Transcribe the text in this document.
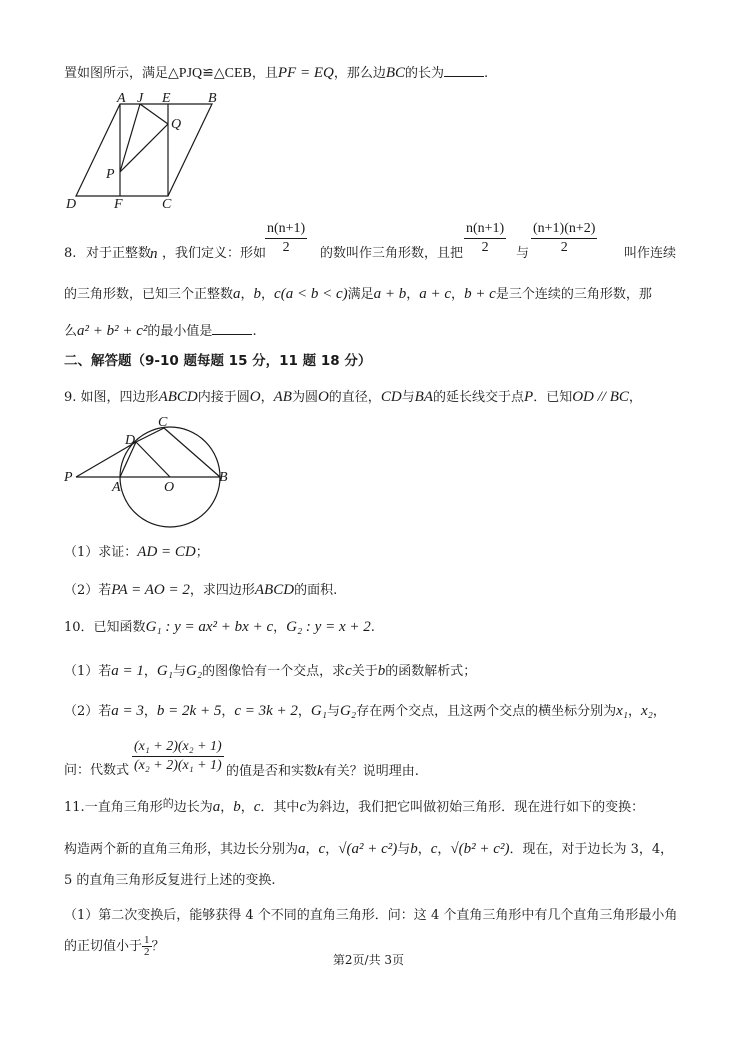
置如图所示，满足△PJQ≌△CEB，且PF = EQ，那么边BC的长为	.
A J E	B
Q
P
D	F	C
$\frac{n(n+1)}{2}$	$\frac{n(n+1)}{2} \frac{(n+1)(n+2)}{2}$
8. 对于正整数
n ，我们定义：形如	的数叫作三角形数，且把	与	叫作连续
的三角形数，已知三个正整数a，b，c(a < b < c)满足a + b，a + c，b + c是三个连续的三角形数，那
么a² + b² + c²的最小值是	.
二、解答题（9-10 题每题 15 分，11 题 18 分）
9. 如图，四边形ABCD内接于圆O，AB为圆O的直径，CD与BA的延长线交于点P．已知OD // BC，
C
D
P
A	O
B
（1）求证：AD = CD；
（2）若PA = AO = 2，求四边形ABCD的面积.
10．已知函数G₁ : y = ax² + bx + c，G₂ : y = x + 2.
（1）若a = 1，G₁与G₂的图像恰有一个交点，求c关于b的函数解析式；
（2）若a = 3，b = 2k + 5，c = 3k + 2，G₁与G₂存在两个交点，且这两个交点的横坐标分别为x₁，x₂，
问：代数式 $\frac{\text{(x₁ + 2)(x₂ + 1)}}{\text{(x₂ + 2)(x₁ + 1)}}$ 的值是否和实数k有关？说明理由.
11.一直角三角形$^的$边长为a，b，c．其中c为斜边，我们把它叫做初始三角形．现在进行如下的变换：
构造两个新的直角三角形，其边长分别为a，c，√(a² + c²)与b，c，√(b² + c²)．现在，对于边长为 3，4，
5 的直角三角形反复进行上述的变换.
（1）第二次变换后，能够获得 4 个不同的直角三角形．问：这 4 个直角三角形中有几个直角三角形最小角
的正切值小于 $\frac{1}{2}$ ？
第2页/共 3页
